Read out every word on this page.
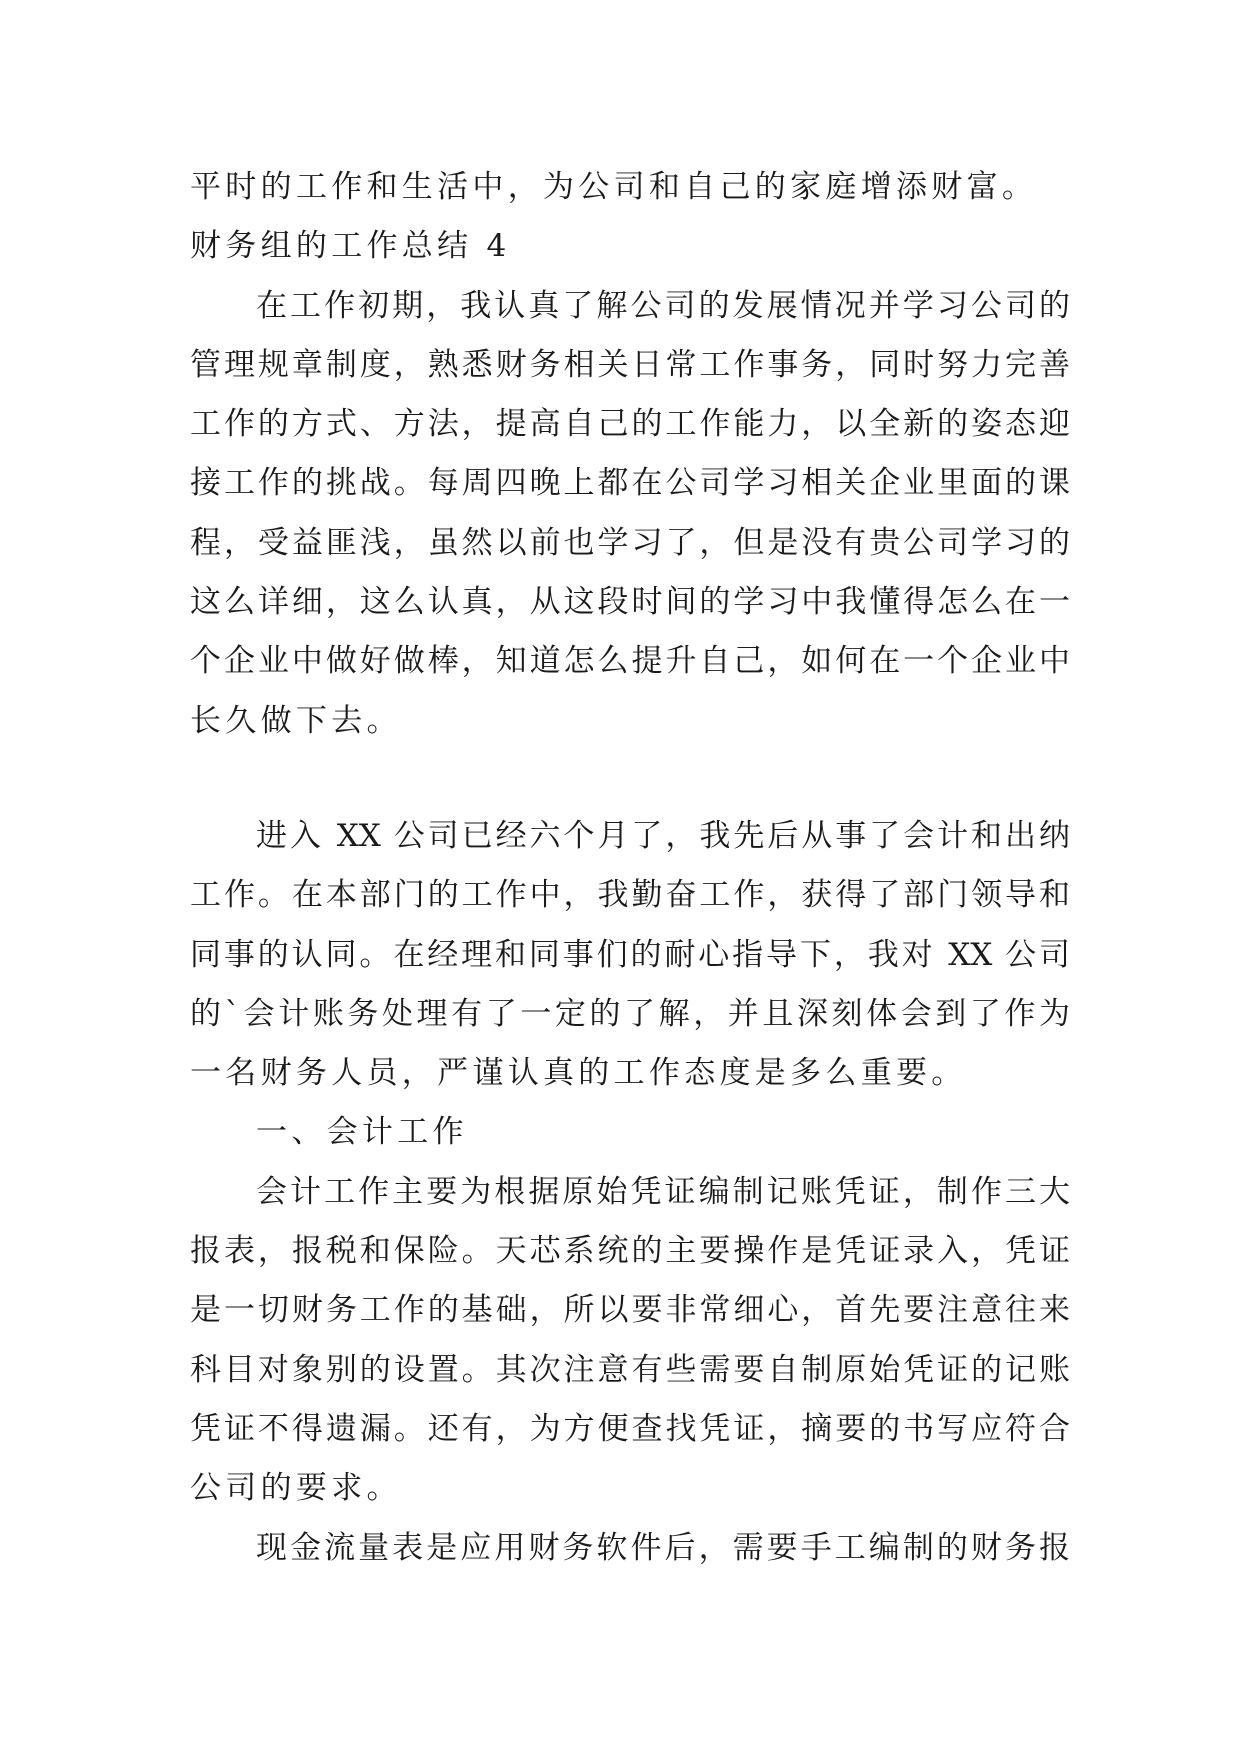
平时的工作和生活中，为公司和自己的家庭增添财富。
财务组的工作总结 4
在工作初期，我认真了解公司的发展情况并学习公司的
管理规章制度，熟悉财务相关日常工作事务，同时努力完善
工作的方式、方法，提高自己的工作能力，以全新的姿态迎
接工作的挑战。每周四晚上都在公司学习相关企业里面的课
程，受益匪浅，虽然以前也学习了，但是没有贵公司学习的
这么详细，这么认真，从这段时间的学习中我懂得怎么在一
个企业中做好做棒，知道怎么提升自己，如何在一个企业中
长久做下去。
进入 XX 公司已经六个月了，我先后从事了会计和出纳
工作。在本部门的工作中，我勤奋工作，获得了部门领导和
同事的认同。在经理和同事们的耐心指导下，我对 XX 公司
的`会计账务处理有了一定的了解，并且深刻体会到了作为
一名财务人员，严谨认真的工作态度是多么重要。
一、会计工作
会计工作主要为根据原始凭证编制记账凭证，制作三大
报表，报税和保险。天芯系统的主要操作是凭证录入，凭证
是一切财务工作的基础，所以要非常细心，首先要注意往来
科目对象别的设置。其次注意有些需要自制原始凭证的记账
凭证不得遗漏。还有，为方便查找凭证，摘要的书写应符合
公司的要求。
现金流量表是应用财务软件后，需要手工编制的财务报
